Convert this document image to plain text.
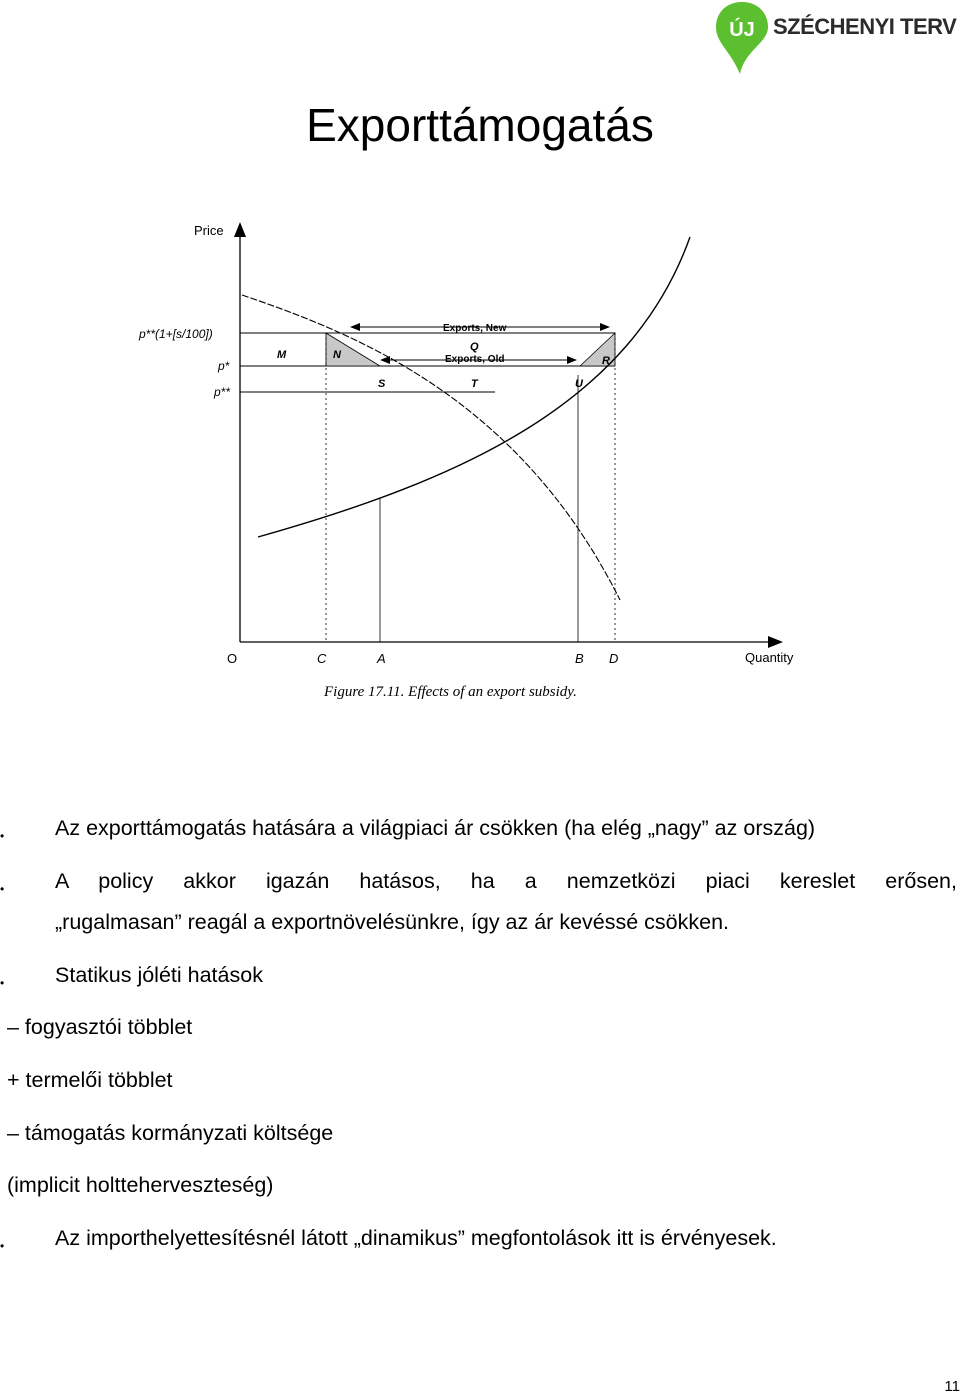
ÚJ SZÉCHENYI TERV
Exporttámogatás
Price
Quantity
p**(1+[s/100])
p*
p**
Exports, New
Exports, Old
M	N
Q
R
S	T	U
O	C	A	B D
Figure 17.11. Effects of an export subsidy.
• Az exporttámogatás hatására a világpiaci ár csökken (ha elég „nagy” az ország)
• A policy akkor igazán hatásos, ha a nemzetközi piaci kereslet erősen,
„rugalmasan” reagál a exportnövelésünkre, így az ár kevéssé csökken.
• Statikus jóléti hatások
– fogyasztói többlet
+ termelői többlet
– támogatás kormányzati költsége
(implicit holtteherveszteség)
• Az importhelyettesítésnél látott „dinamikus” megfontolások itt is érvényesek.
11
